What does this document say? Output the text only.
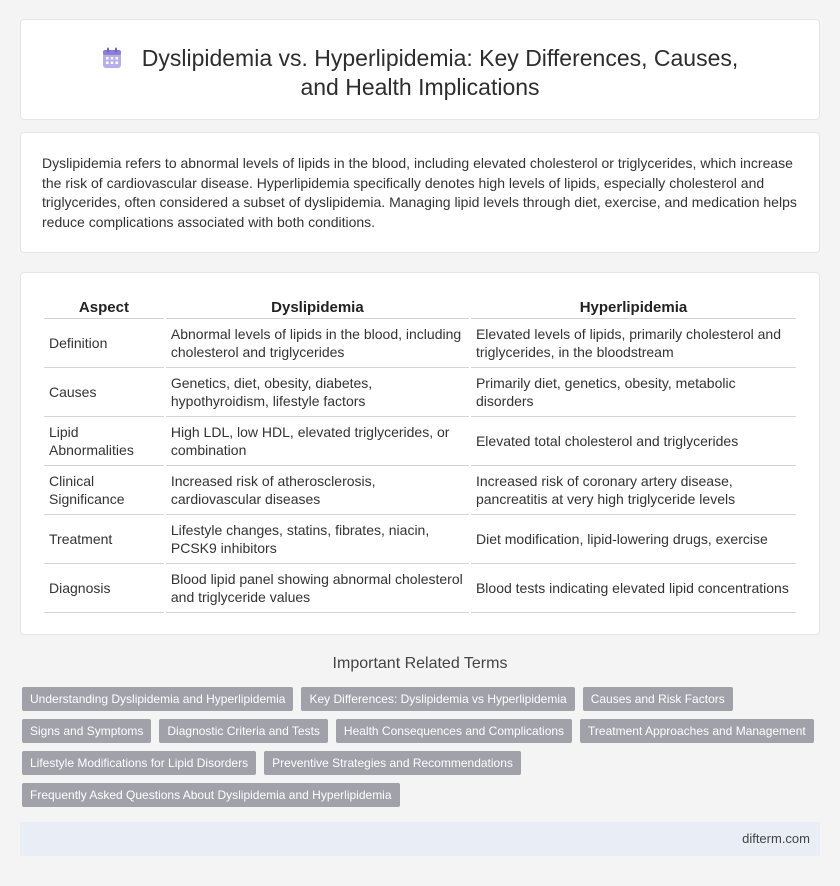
Dyslipidemia vs. Hyperlipidemia: Key Differences, Causes, and Health Implications

Dyslipidemia refers to abnormal levels of lipids in the blood, including elevated cholesterol or triglycerides, which increase the risk of cardiovascular disease. Hyperlipidemia specifically denotes high levels of lipids, especially cholesterol and triglycerides, often considered a subset of dyslipidemia. Managing lipid levels through diet, exercise, and medication helps reduce complications associated with both conditions.

Aspect	Dyslipidemia	Hyperlipidemia
Definition	Abnormal levels of lipids in the blood, including cholesterol and triglycerides	Elevated levels of lipids, primarily cholesterol and triglycerides, in the bloodstream
Causes	Genetics, diet, obesity, diabetes, hypothyroidism, lifestyle factors	Primarily diet, genetics, obesity, metabolic disorders
Lipid Abnormalities	High LDL, low HDL, elevated triglycerides, or combination	Elevated total cholesterol and triglycerides
Clinical Significance	Increased risk of atherosclerosis, cardiovascular diseases	Increased risk of coronary artery disease, pancreatitis at very high triglyceride levels
Treatment	Lifestyle changes, statins, fibrates, niacin, PCSK9 inhibitors	Diet modification, lipid-lowering drugs, exercise
Diagnosis	Blood lipid panel showing abnormal cholesterol and triglyceride values	Blood tests indicating elevated lipid concentrations
Important Related Terms
Understanding Dyslipidemia and Hyperlipidemia	Key Differences: Dyslipidemia vs Hyperlipidemia	Causes and Risk Factors
Signs and Symptoms	Diagnostic Criteria and Tests	Health Consequences and Complications	Treatment Approaches and Management
Lifestyle Modifications for Lipid Disorders	Preventive Strategies and Recommendations
Frequently Asked Questions About Dyslipidemia and Hyperlipidemia
difterm.com
